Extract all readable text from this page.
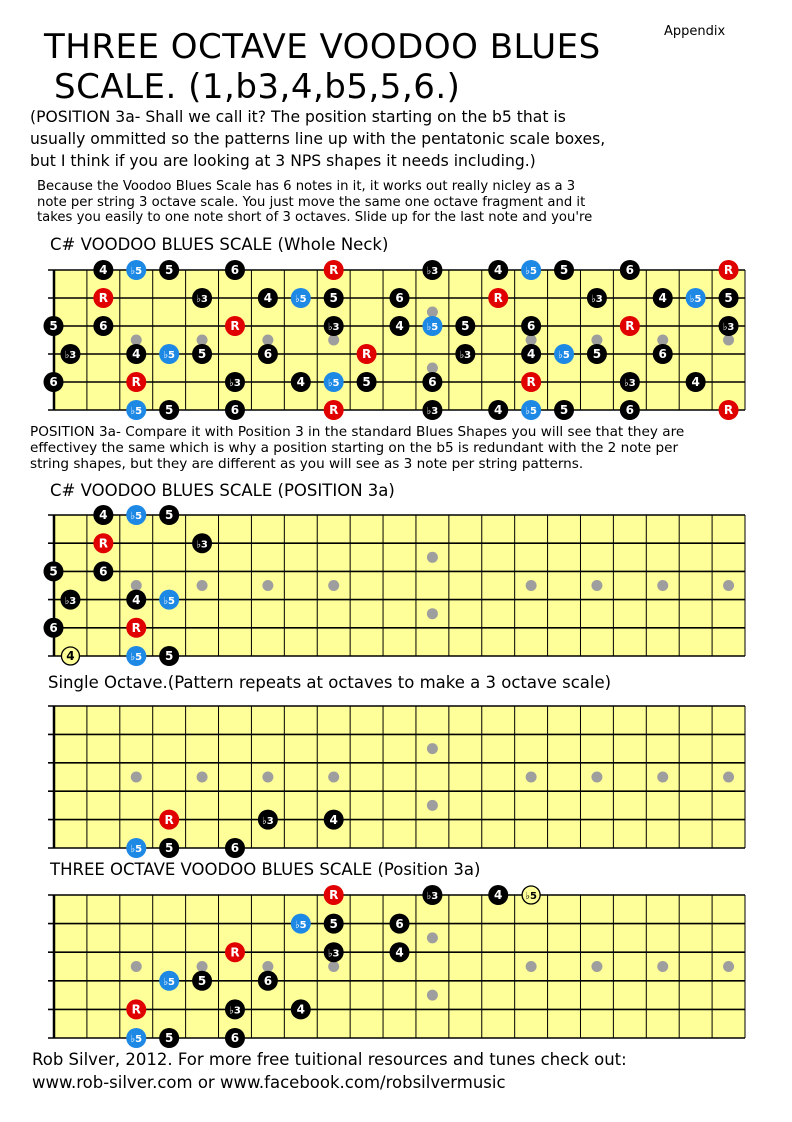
Appendix
THREE OCTAVE VOODOO BLUES
SCALE. (1,b3,4,b5,5,6.)
(POSITION 3a- Shall we call it? The position starting on the b5 that is
usually ommitted so the patterns line up with the pentatonic scale boxes,
but I think if you are looking at 3 NPS shapes it needs including.)
Because the Voodoo Blues Scale has 6 notes in it, it works out really nicley as a 3
note per string 3 octave scale. You just move the same one octave fragment and it
takes you easily to one note short of 3 octaves. Slide up for the last note and you're
C# VOODOO BLUES SCALE (Whole Neck)
POSITION 3a- Compare it with Position 3 in the standard Blues Shapes you will see that they are
effectivey the same which is why a position starting on the b5 is redundant with the 2 note per
string shapes, but they are different as you will see as 3 note per string patterns.
C# VOODOO BLUES SCALE (POSITION 3a)
Single Octave.(Pattern repeats at octaves to make a 3 octave scale)
THREE OCTAVE VOODOO BLUES SCALE (Position 3a)
4 ♭5 5	6	R	♭3	4 ♭5 5	6	R
R	♭3	4 ♭5 5	6	R	♭3	4 ♭5 5
5	6	R	♭3	4 ♭5 5	6	R	♭3
♭3	4 ♭5 5	6	R	♭3	4 ♭5 5	6
6	R	♭3	4 ♭5 5	6	R	♭3	4
♭5 5	6	R	♭3	4 ♭5 5	6	R
4 ♭5 5
R	♭3
5	6
♭3	4 ♭5
6	R
4	♭5 5
R	♭3	4
♭5 5	6
R	♭3	4 ♭5
♭5 5	6
R	♭3	4
♭5 5	6
R	♭3	4
♭5 5	6
Rob Silver, 2012. For more free tuitional resources and tunes check out:
www.rob-silver.com or www.facebook.com/robsilvermusic
